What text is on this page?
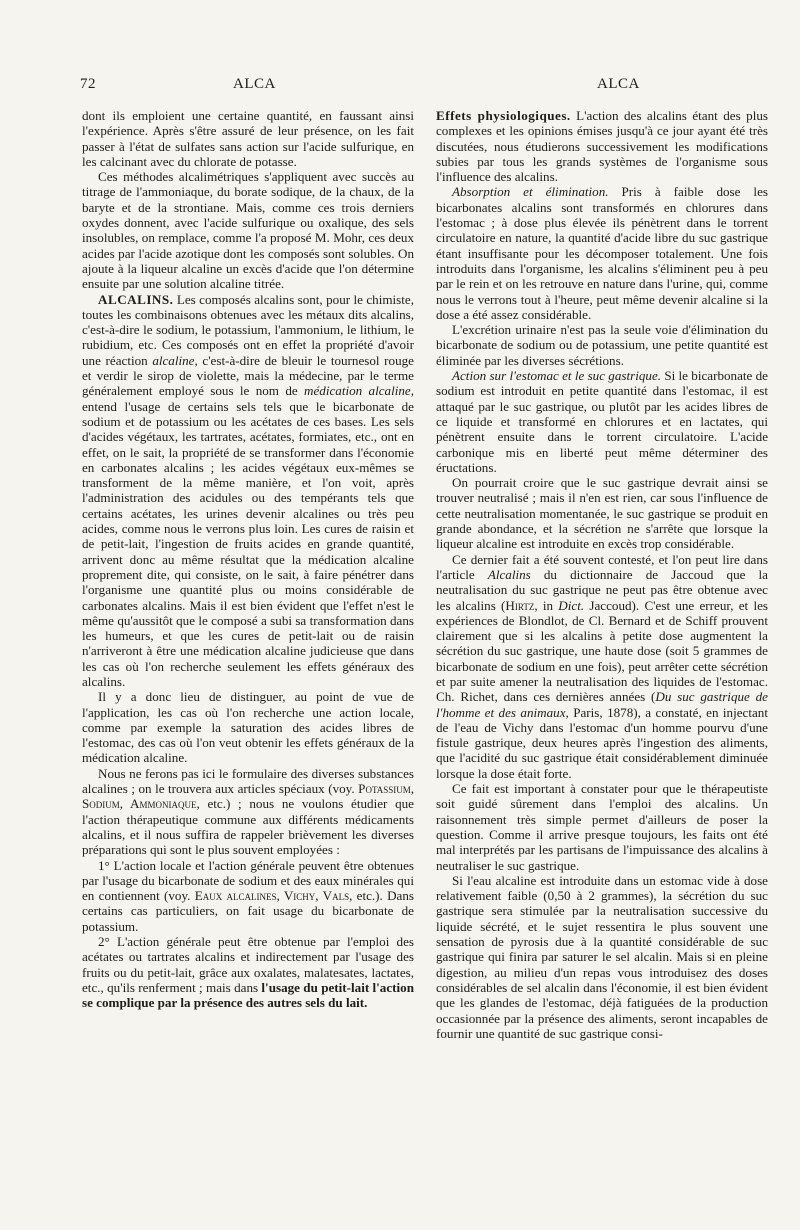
72	ALCA	ALCA

dont ils emploient une certaine quantité, en faussant ainsi l'expérience. Après s'être assuré de leur présence, on les fait passer à l'état de sulfates sans action sur l'acide sulfurique, en les calcinant avec du chlorate de potasse.

Ces méthodes alcalimétriques s'appliquent avec succès au titrage de l'ammoniaque, du borate sodique, de la chaux, de la baryte et de la strontiane. Mais, comme ces trois derniers oxydes donnent, avec l'acide sulfurique ou oxalique, des sels insolubles, on remplace, comme l'a proposé M. Mohr, ces deux acides par l'acide azotique dont les composés sont solubles. On ajoute à la liqueur alcaline un excès d'acide que l'on détermine ensuite par une solution alcaline titrée.

ALCALINS. Les composés alcalins sont, pour le chimiste, toutes les combinaisons obtenues avec les métaux dits alcalins, c'est-à-dire le sodium, le potassium, l'ammonium, le lithium, le rubidium, etc. Ces composés ont en effet la propriété d'avoir une réaction alcaline, c'est-à-dire de bleuir le tournesol rouge et verdir le sirop de violette, mais la médecine, par le terme généralement employé sous le nom de médication alcaline, entend l'usage de certains sels tels que le bicarbonate de sodium et de potassium ou les acétates de ces bases. Les sels d'acides végétaux, les tartrates, acétates, formiates, etc., ont en effet, on le sait, la propriété de se transformer dans l'économie en carbonates alcalins ; les acides végétaux eux-mêmes se transforment de la même manière, et l'on voit, après l'administration des acidules ou des tempérants tels que certains acétates, les urines devenir alcalines ou très peu acides, comme nous le verrons plus loin. Les cures de raisin et de petit-lait, l'ingestion de fruits acides en grande quantité, arrivent donc au même résultat que la médication alcaline proprement dite, qui consiste, on le sait, à faire pénétrer dans l'organisme une quantité plus ou moins considérable de carbonates alcalins. Mais il est bien évident que l'effet n'est le même qu'aussitôt que le composé a subi sa transformation dans les humeurs, et que les cures de petit-lait ou de raisin n'arriveront à être une médication alcaline judicieuse que dans les cas où l'on recherche seulement les effets généraux des alcalins.

Il y a donc lieu de distinguer, au point de vue de l'application, les cas où l'on recherche une action locale, comme par exemple la saturation des acides libres de l'estomac, des cas où l'on veut obtenir les effets généraux de la médication alcaline.

Nous ne ferons pas ici le formulaire des diverses substances alcalines ; on le trouvera aux articles spéciaux (voy. Potassium, Sodium, Ammoniaque, etc.) ; nous ne voulons étudier que l'action thérapeutique commune aux différents médicaments alcalins, et il nous suffira de rappeler brièvement les diverses préparations qui sont le plus souvent employées :

1° L'action locale et l'action générale peuvent être obtenues par l'usage du bicarbonate de sodium et des eaux minérales qui en contiennent (voy. Eaux alcalines, Vichy, Vals, etc.). Dans certains cas particuliers, on fait usage du bicarbonate de potassium.

2° L'action générale peut être obtenue par l'emploi des acétates ou tartrates alcalins et indirectement par l'usage des fruits ou du petit-lait, grâce aux oxalates, malatesates, lactates, etc., qu'ils renferment ; mais dans l'usage du petit-lait l'action se complique par la présence des autres sels du lait.

Effets physiologiques. L'action des alcalins étant des plus complexes et les opinions émises jusqu'à ce jour ayant été très discutées, nous étudierons successivement les modifications subies par tous les grands systèmes de l'organisme sous l'influence des alcalins.

Absorption et élimination. Pris à faible dose les bicarbonates alcalins sont transformés en chlorures dans l'estomac ; à dose plus élevée ils pénètrent dans le torrent circulatoire en nature, la quantité d'acide libre du suc gastrique étant insuffisante pour les décomposer totalement. Une fois introduits dans l'organisme, les alcalins s'éliminent peu à peu par le rein et on les retrouve en nature dans l'urine, qui, comme nous le verrons tout à l'heure, peut même devenir alcaline si la dose a été assez considérable.

L'excrétion urinaire n'est pas la seule voie d'élimination du bicarbonate de sodium ou de potassium, une petite quantité est éliminée par les diverses sécrétions.

Action sur l'estomac et le suc gastrique. Si le bicarbonate de sodium est introduit en petite quantité dans l'estomac, il est attaqué par le suc gastrique, ou plutôt par les acides libres de ce liquide et transformé en chlorures et en lactates, qui pénètrent ensuite dans le torrent circulatoire. L'acide carbonique mis en liberté peut même déterminer des éructations.

On pourrait croire que le suc gastrique devrait ainsi se trouver neutralisé ; mais il n'en est rien, car sous l'influence de cette neutralisation momentanée, le suc gastrique se produit en grande abondance, et la sécrétion ne s'arrête que lorsque la liqueur alcaline est introduite en excès trop considérable.

Ce dernier fait a été souvent contesté, et l'on peut lire dans l'article Alcalins du dictionnaire de Jaccoud que la neutralisation du suc gastrique ne peut pas être obtenue avec les alcalins (Hirtz, in Dict. Jaccoud). C'est une erreur, et les expériences de Blondlot, de Cl. Bernard et de Schiff prouvent clairement que si les alcalins à petite dose augmentent la sécrétion du suc gastrique, une haute dose (soit 5 grammes de bicarbonate de sodium en une fois), peut arrêter cette sécrétion et par suite amener la neutralisation des liquides de l'estomac. Ch. Richet, dans ces dernières années (Du suc gastrique de l'homme et des animaux, Paris, 1878), a constaté, en injectant de l'eau de Vichy dans l'estomac d'un homme pourvu d'une fistule gastrique, deux heures après l'ingestion des aliments, que l'acidité du suc gastrique était considérablement diminuée lorsque la dose était forte.

Ce fait est important à constater pour que le thérapeutiste soit guidé sûrement dans l'emploi des alcalins. Un raisonnement très simple permet d'ailleurs de poser la question. Comme il arrive presque toujours, les faits ont été mal interprétés par les partisans de l'impuissance des alcalins à neutraliser le suc gastrique.

Si l'eau alcaline est introduite dans un estomac vide à dose relativement faible (0,50 à 2 grammes), la sécrétion du suc gastrique sera stimulée par la neutralisation successive du liquide sécrété, et le sujet ressentira le plus souvent une sensation de pyrosis due à la quantité considérable de suc gastrique qui finira par saturer le sel alcalin. Mais si en pleine digestion, au milieu d'un repas vous introduisez des doses considérables de sel alcalin dans l'économie, il est bien évident que les glandes de l'estomac, déjà fatiguées de la production occasionnée par la présence des aliments, seront incapables de fournir une quantité de suc gastrique consi-
